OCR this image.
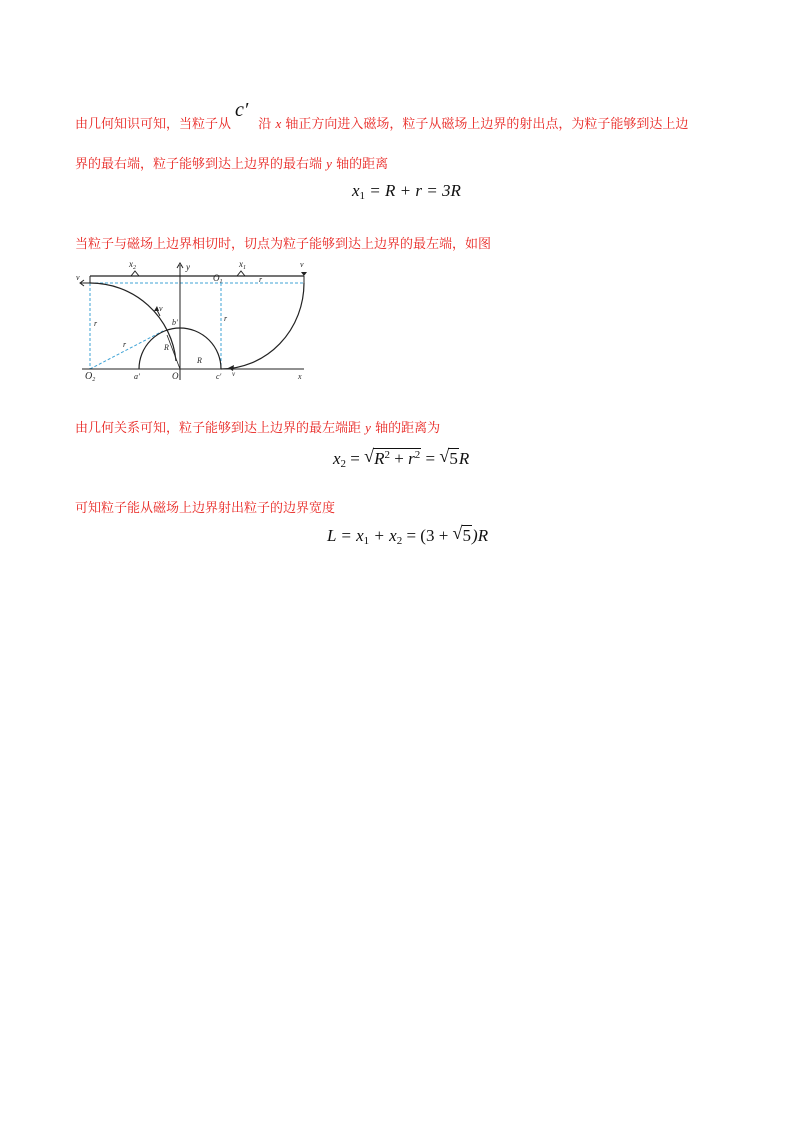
由几何知识可知，当粒子从c′沿 x 轴正方向进入磁场，粒子从磁场上边界的射出点，为粒子能够到达上边
界的最右端，粒子能够到达上边界的最右端 y 轴的距离
$x_1 = R + r = 3R$
当粒子与磁场上边界相切时，切点为粒子能够到达上边界的最左端，如图
$x_2$	y
$O_1$
$x_1$
v
v
r
r
r
r
v
b′
R
R
$O_2$	a′	O	c′ v	x
由几何关系可知，粒子能够到达上边界的最左端距 y 轴的距离为
$x_2$ = √ $R^2 + r^2$ = √ 5R
可知粒子能从磁场上边界射出粒子的边界宽度
$L = x_1 + x_2 = (3$ + √ 5)R
